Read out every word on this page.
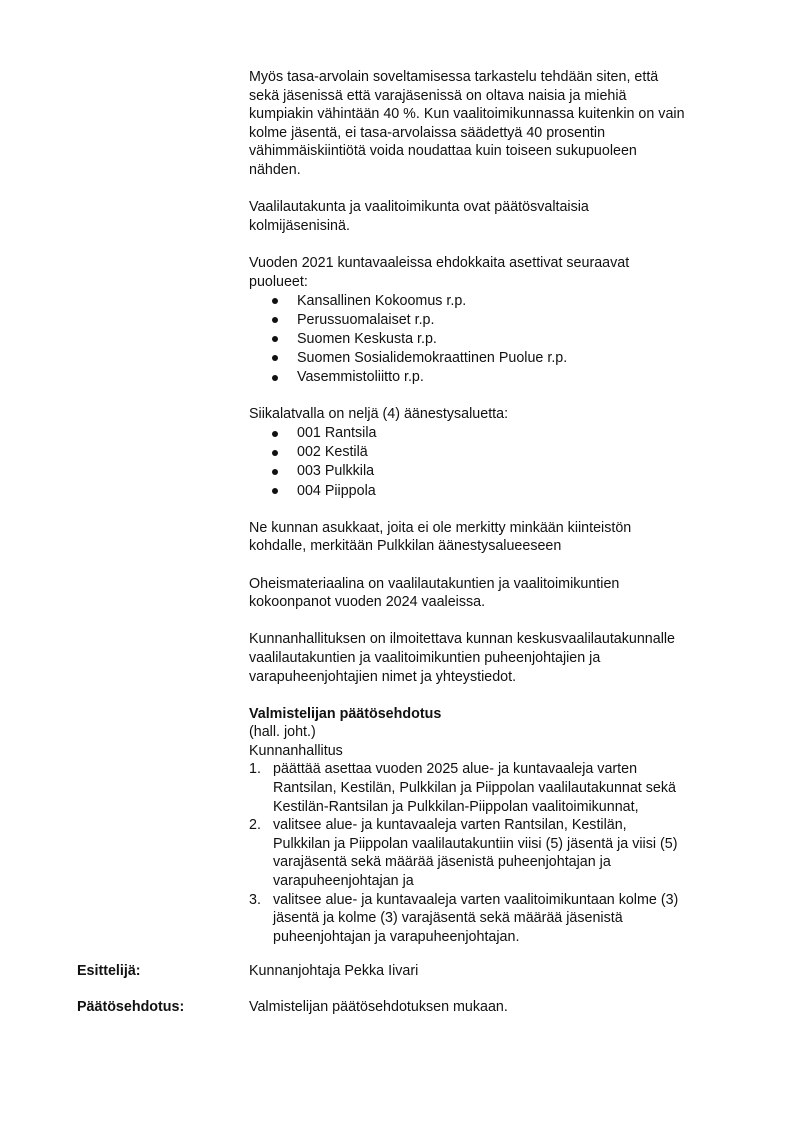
Myös tasa-arvolain soveltamisessa tarkastelu tehdään siten, että
sekä jäsenissä että varajäsenissä on oltava naisia ja miehiä
kumpiakin vähintään 40 %. Kun vaalitoimikunnassa kuitenkin on vain
kolme jäsentä, ei tasa-arvolaissa säädettyä 40 prosentin
vähimmäiskiintiötä voida noudattaa kuin toiseen sukupuoleen
nähden.

Vaalilautakunta ja vaalitoimikunta ovat päätösvaltaisia
kolmijäsenisinä.

Vuoden 2021 kuntavaaleissa ehdokkaita asettivat seuraavat
puolueet:

Kansallinen Kokoomus r.p.
Perussuomalaiset r.p.
Suomen Keskusta r.p.
Suomen Sosialidemokraattinen Puolue r.p.
Vasemmistoliitto r.p.

Siikalatvalla on neljä (4) äänestysaluetta:

001 Rantsila
002 Kestilä
003 Pulkkila
004 Piippola

Ne kunnan asukkaat, joita ei ole merkitty minkään kiinteistön
kohdalle, merkitään Pulkkilan äänestysalueeseen

Oheismateriaalina on vaalilautakuntien ja vaalitoimikuntien
kokoonpanot vuoden 2024 vaaleissa.

Kunnanhallituksen on ilmoitettava kunnan keskusvaalilautakunnalle
vaalilautakuntien ja vaalitoimikuntien puheenjohtajien ja
varapuheenjohtajien nimet ja yhteystiedot.

Valmistelijan päätösehdotus

(hall. joht.)

Kunnanhallitus

1. päättää asettaa vuoden 2025 alue- ja kuntavaaleja varten
Rantsilan, Kestilän, Pulkkilan ja Piippolan vaalilautakunnat sekä
Kestilän-Rantsilan ja Pulkkilan-Piippolan vaalitoimikunnat,
2. valitsee alue- ja kuntavaaleja varten Rantsilan, Kestilän,
Pulkkilan ja Piippolan vaalilautakuntiin viisi (5) jäsentä ja viisi (5)
varajäsentä sekä määrää jäsenistä puheenjohtajan ja
varapuheenjohtajan ja
3. valitsee alue- ja kuntavaaleja varten vaalitoimikuntaan kolme (3)
jäsentä ja kolme (3) varajäsentä sekä määrää jäsenistä
puheenjohtajan ja varapuheenjohtajan.
Esittelijä:	Kunnanjohtaja Pekka Iivari
Päätösehdotus:	Valmistelijan päätösehdotuksen mukaan.
